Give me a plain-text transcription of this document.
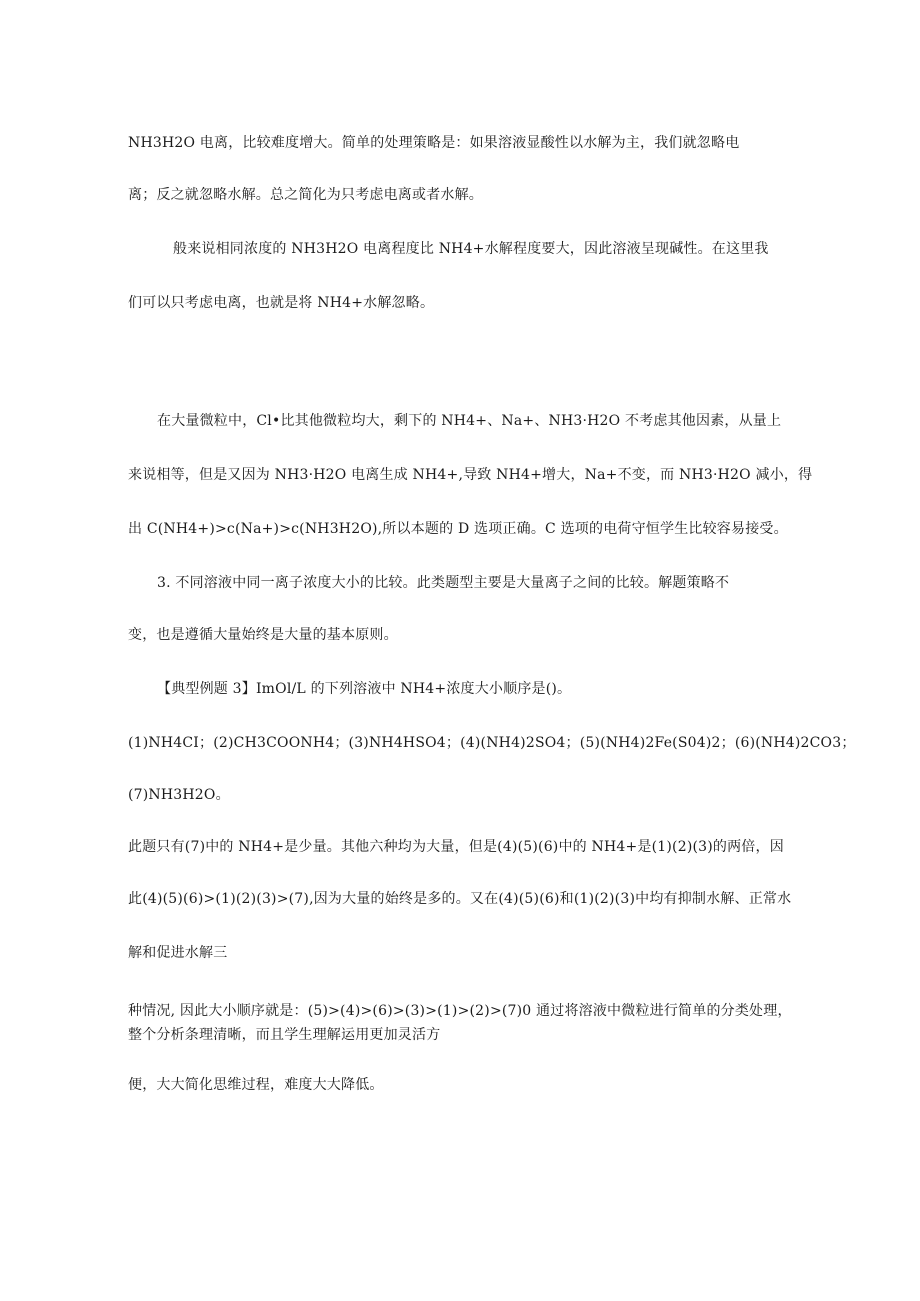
NH3H2O 电离，比较难度增大。简单的处理策略是：如果溶液显酸性以水解为主，我们就忽略电
离；反之就忽略水解。总之简化为只考虑电离或者水解。
般来说相同浓度的 NH3H2O 电离程度比 NH4+水解程度要大，因此溶液呈现碱性。在这里我
们可以只考虑电离，也就是将 NH4+水解忽略。
在大量微粒中，Cl•比其他微粒均大，剩下的 NH4+、Na+、NH3·H2O 不考虑其他因素，从量上
来说相等，但是又因为 NH3·H2O 电离生成 NH4+,导致 NH4+增大，Na+不变，而 NH3·H2O 减小，得
出 C(NH4+)>c(Na+)>c(NH3H2O),所以本题的 D 选项正确。C 选项的电荷守恒学生比较容易接受。
3. 不同溶液中同一离子浓度大小的比较。此类题型主要是大量离子之间的比较。解题策略不
变，也是遵循大量始终是大量的基本原则。
【典型例题 3】ImOl/L 的下列溶液中 NH4+浓度大小顺序是()。
(1)NH4CI；(2)CH3COONH4；(3)NH4HSO4；(4)(NH4)2SO4；(5)(NH4)2Fe(S04)2；(6)(NH4)2CO3；
(7)NH3H2O。
此题只有(7)中的 NH4+是少量。其他六种均为大量，但是(4)(5)(6)中的 NH4+是(1)(2)(3)的两倍，因
此(4)(5)(6)>(1)(2)(3)>(7),因为大量的始终是多的。又在(4)(5)(6)和(1)(2)(3)中均有抑制水解、正常水
解和促进水解三
种情况, 因此大小顺序就是：(5)>(4)>(6)>(3)>(1)>(2)>(7)0 通过将溶液中微粒进行简单的分类处理，
整个分析条理清晰，而且学生理解运用更加灵活方
便，大大简化思维过程，难度大大降低。
